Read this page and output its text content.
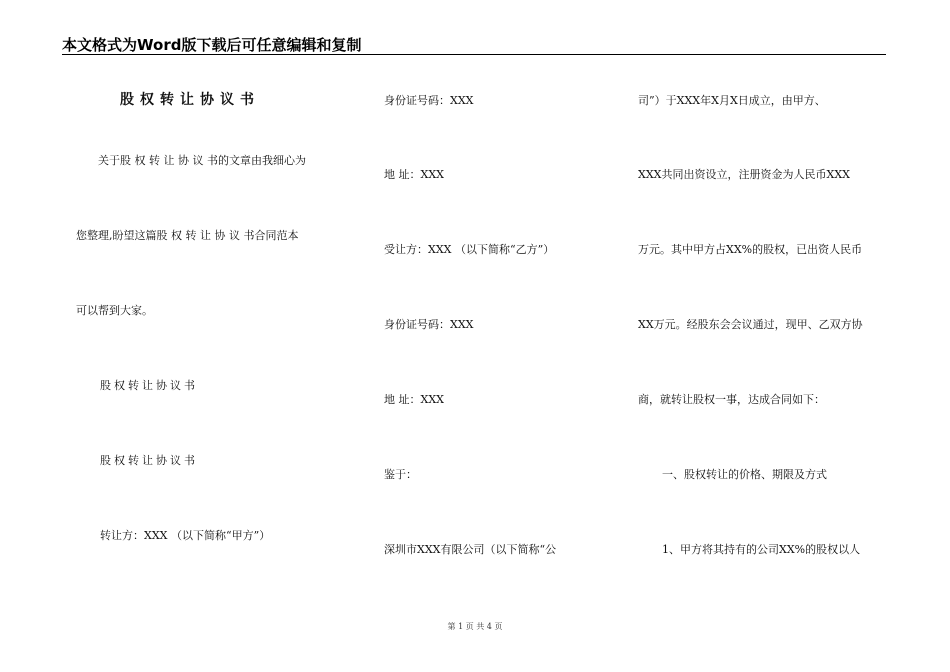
本文格式为Word版下载后可任意编辑和复制
股权转让协议书
关于股 权 转 让 协 议 书的文章由我细心为
您整理,盼望这篇股 权 转 让 协 议 书合同范本
可以帮到大家。
股权转让协议书
股权转让协议书
转让方：XXX （以下简称“甲方”）
身份证号码：XXX
地 址：XXX
受让方：XXX （以下简称“乙方”）
身份证号码：XXX
地 址：XXX
鉴于：
深圳市XXX有限公司（以下简称“公
司”）于XXX年X月X日成立，由甲方、
XXX共同出资设立，注册资金为人民币XXX
万元。其中甲方占XX%的股权，已出资人民币
XX万元。经股东会会议通过，现甲、乙双方协
商，就转让股权一事，达成合同如下：
一、股权转让的价格、期限及方式
1、甲方将其持有的公司XX%的股权以人
第 1 页 共 4 页
